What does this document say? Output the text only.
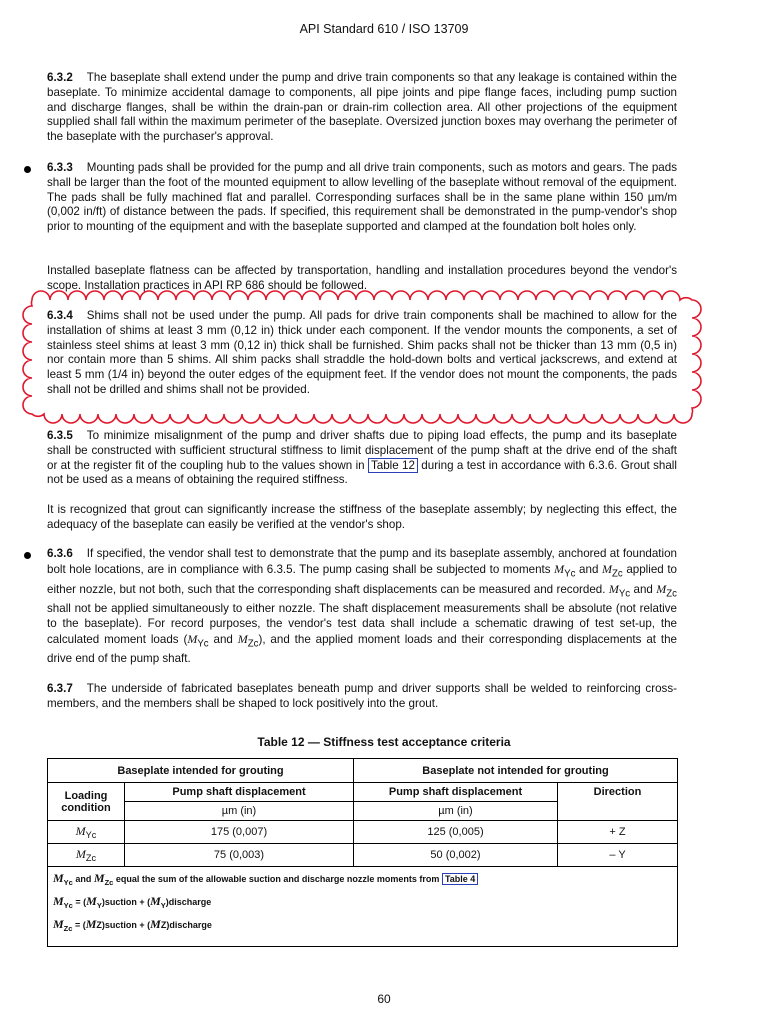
API Standard 610 / ISO 13709

6.3.2 The baseplate shall extend under the pump and drive train components so that any leakage is contained within the baseplate. To minimize accidental damage to components, all pipe joints and pipe flange faces, including pump suction and discharge flanges, shall be within the drain-pan or drain-rim collection area. All other projections of the equipment supplied shall fall within the maximum perimeter of the baseplate. Oversized junction boxes may overhang the perimeter of the baseplate with the purchaser's approval.

6.3.3 Mounting pads shall be provided for the pump and all drive train components, such as motors and gears. The pads shall be larger than the foot of the mounted equipment to allow levelling of the baseplate without removal of the equipment. The pads shall be fully machined flat and parallel. Corresponding surfaces shall be in the same plane within 150 µm/m (0,002 in/ft) of distance between the pads. If specified, this requirement shall be demonstrated in the pump-vendor's shop prior to mounting of the equipment and with the baseplate supported and clamped at the foundation bolt holes only.

Installed baseplate flatness can be affected by transportation, handling and installation procedures beyond the vendor's scope. Installation practices in API RP 686 should be followed.

6.3.4 Shims shall not be used under the pump. All pads for drive train components shall be machined to allow for the installation of shims at least 3 mm (0,12 in) thick under each component. If the vendor mounts the components, a set of stainless steel shims at least 3 mm (0,12 in) thick shall be furnished. Shim packs shall not be thicker than 13 mm (0,5 in) nor contain more than 5 shims. All shim packs shall straddle the hold-down bolts and vertical jackscrews, and extend at least 5 mm (1/4 in) beyond the outer edges of the equipment feet. If the vendor does not mount the components, the pads shall not be drilled and shims shall not be provided.

6.3.5 To minimize misalignment of the pump and driver shafts due to piping load effects, the pump and its baseplate shall be constructed with sufficient structural stiffness to limit displacement of the pump shaft at the drive end of the shaft or at the register fit of the coupling hub to the values shown in Table 12 during a test in accordance with 6.3.6. Grout shall not be used as a means of obtaining the required stiffness.

It is recognized that grout can significantly increase the stiffness of the baseplate assembly; by neglecting this effect, the adequacy of the baseplate can easily be verified at the vendor's shop.

6.3.6 If specified, the vendor shall test to demonstrate that the pump and its baseplate assembly, anchored at foundation bolt hole locations, are in compliance with 6.3.5. The pump casing shall be subjected to moments $M_{Yc}$ and $M_{Zc}$ applied to either nozzle, but not both, such that the corresponding shaft displacements can be measured and recorded. $M_{Yc}$ and $M_{Zc}$ shall not be applied simultaneously to either nozzle. The shaft displacement measurements shall be absolute (not relative to the baseplate). For record purposes, the vendor's test data shall include a schematic drawing of test set-up, the calculated moment loads ($M_{Yc}$ and $M_{Zc}$), and the applied moment loads and their corresponding displacements at the drive end of the pump shaft.

6.3.7 The underside of fabricated baseplates beneath pump and driver supports shall be welded to reinforcing cross-members, and the members shall be shaped to lock positively into the grout.

Table 12 — Stiffness test acceptance criteria
Baseplate intended for grouting		Baseplate not intended for grouting	
Loading condition	Pump shaft displacement	Pump shaft displacement	Direction
	µm (in)	µm (in)	
$M_{Yc}$	175 (0,007)	125 (0,005)	+ Z
$M_{Zc}$	75 (0,003)	50 (0,002)	– Y

$M_{Yc}$ and $M_{Zc}$ equal the sum of the allowable suction and discharge nozzle moments from Table 4
$M_{Yc}$ = $(M_Y)suction$ + $(M_Y)discharge$
$M_{Zc}$ = (MZ)suction + (MZ)discharge			
60
